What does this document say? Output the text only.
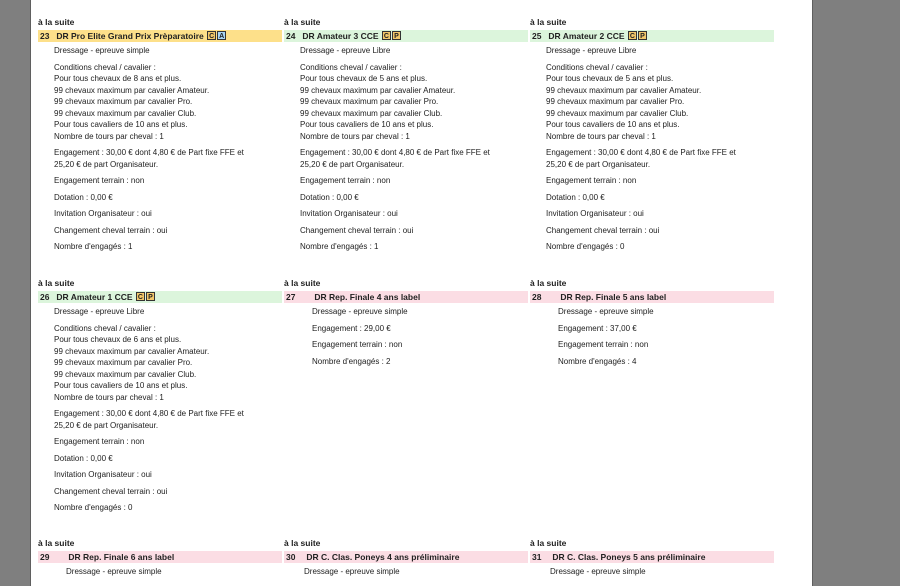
à la suite
23 DR Pro Elite Grand Prix Prèparatoire C A
Dressage - epreuve simple
Conditions cheval / cavalier :
Pour tous chevaux de 8 ans et plus.
99 chevaux maximum par cavalier Amateur.
99 chevaux maximum par cavalier Pro.
99 chevaux maximum par cavalier Club.
Pour tous cavaliers de 10 ans et plus.
Nombre de tours par cheval : 1
Engagement : 30,00 € dont 4,80 € de Part fixe FFE et
25,20 € de part Organisateur.
Engagement terrain : non
Dotation : 0,00 €
Invitation Organisateur : oui
Changement cheval terrain : oui
Nombre d'engagés : 1
à la suite
24 DR Amateur 3 CCE C P
Dressage - epreuve Libre
Conditions cheval / cavalier :
Pour tous chevaux de 5 ans et plus.
99 chevaux maximum par cavalier Amateur.
99 chevaux maximum par cavalier Pro.
99 chevaux maximum par cavalier Club.
Pour tous cavaliers de 10 ans et plus.
Nombre de tours par cheval : 1
Engagement : 30,00 € dont 4,80 € de Part fixe FFE et
25,20 € de part Organisateur.
Engagement terrain : non
Dotation : 0,00 €
Invitation Organisateur : oui
Changement cheval terrain : oui
Nombre d'engagés : 1
à la suite
25 DR Amateur 2 CCE C P
Dressage - epreuve Libre
Conditions cheval / cavalier :
Pour tous chevaux de 5 ans et plus.
99 chevaux maximum par cavalier Amateur.
99 chevaux maximum par cavalier Pro.
99 chevaux maximum par cavalier Club.
Pour tous cavaliers de 10 ans et plus.
Nombre de tours par cheval : 1
Engagement : 30,00 € dont 4,80 € de Part fixe FFE et
25,20 € de part Organisateur.
Engagement terrain : non
Dotation : 0,00 €
Invitation Organisateur : oui
Changement cheval terrain : oui
Nombre d'engagés : 0
à la suite
26 DR Amateur 1 CCE C P
Dressage - epreuve Libre
Conditions cheval / cavalier :
Pour tous chevaux de 6 ans et plus.
99 chevaux maximum par cavalier Amateur.
99 chevaux maximum par cavalier Pro.
99 chevaux maximum par cavalier Club.
Pour tous cavaliers de 10 ans et plus.
Nombre de tours par cheval : 1
Engagement : 30,00 € dont 4,80 € de Part fixe FFE et
25,20 € de part Organisateur.
Engagement terrain : non
Dotation : 0,00 €
Invitation Organisateur : oui
Changement cheval terrain : oui
Nombre d'engagés : 0
à la suite
27 DR Rep. Finale 4 ans label
Dressage - epreuve simple
Engagement : 29,00 €
Engagement terrain : non
Nombre d'engagés : 2
à la suite
28 DR Rep. Finale 5 ans label
Dressage - epreuve simple
Engagement : 37,00 €
Engagement terrain : non
Nombre d'engagés : 4
à la suite
29 DR Rep. Finale 6 ans label
Dressage - epreuve simple
à la suite
30 DR C. Clas. Poneys 4 ans préliminaire
Dressage - epreuve simple
à la suite
31 DR C. Clas. Poneys 5 ans préliminaire
Dressage - epreuve simple
